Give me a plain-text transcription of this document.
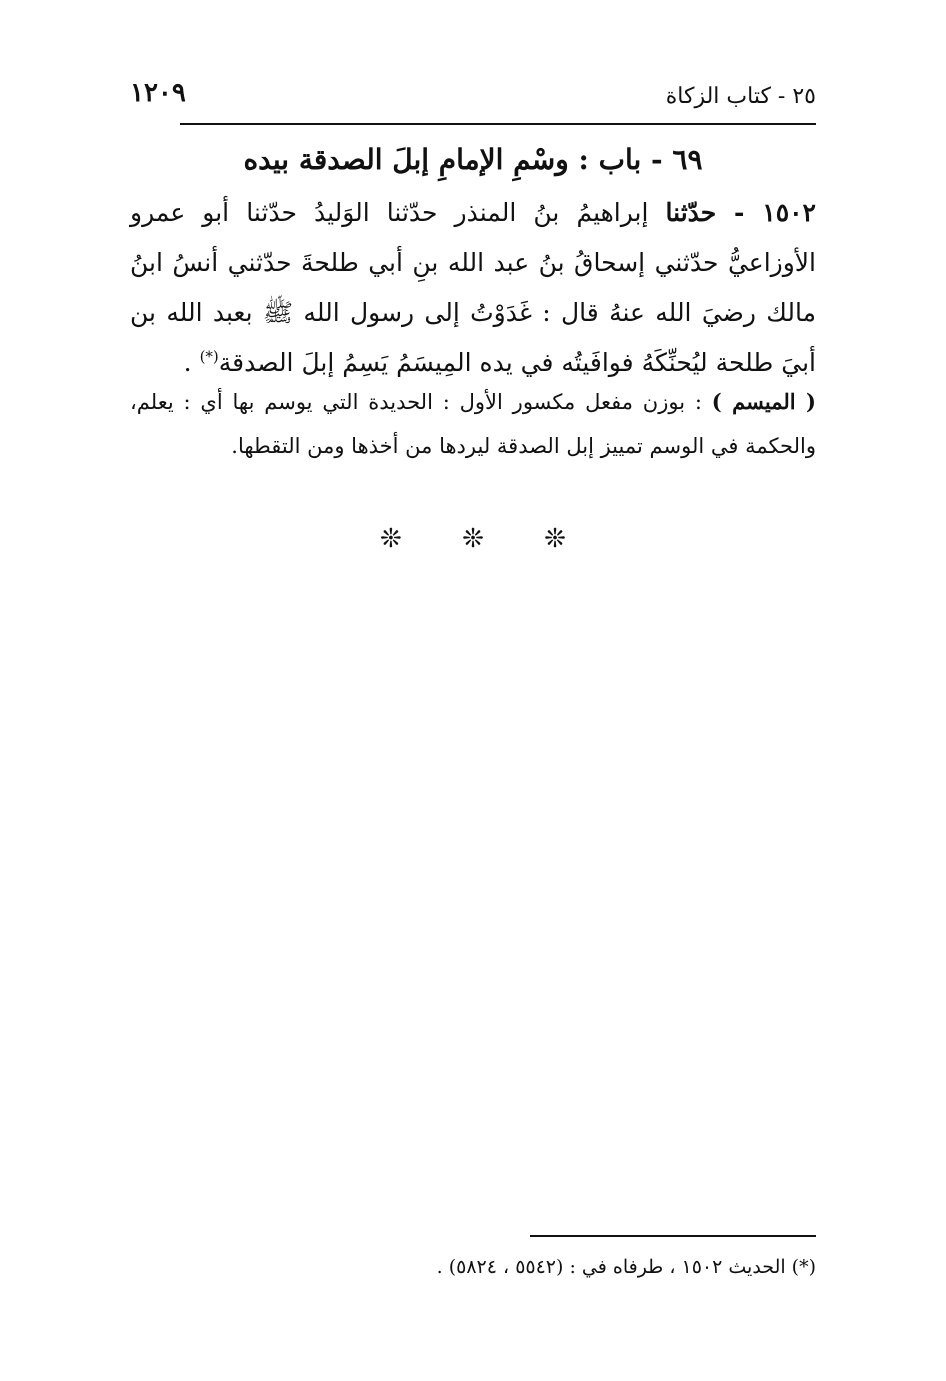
٢٥ - كتاب الزكاة
١٢٠٩
٦٩ - باب : وسْمِ الإمامِ إبلَ الصدقة بيده
١٥٠٢ - حدّثنا إبراهيمُ بنُ المنذر حدّثنا الوَليدُ حدّثنا أبو عمرو الأوزاعيُّ حدّثني إسحاقُ بنُ عبد الله بنِ أبي طلحةَ حدّثني أنسُ ابنُ مالك رضيَ الله عنهُ قال : غَدَوْتُ إلى رسول الله ﷺ بعبد الله بن أبيَ طلحة ليُحنِّكَهُ فوافَيتُه في يده المِيسَمُ يَسِمُ إبلَ الصدقة(*) .
( الميسم ) : بوزن مفعل مكسور الأول : الحديدة التي يوسم بها أي : يعلم، والحكمة في الوسم تمييز إبل الصدقة ليردها من أخذها ومن التقطها.
❊ ❊ ❊
(*) الحديث ١٥٠٢ ، طرفاه في : (٥٥٤٢ ، ٥٨٢٤) .
